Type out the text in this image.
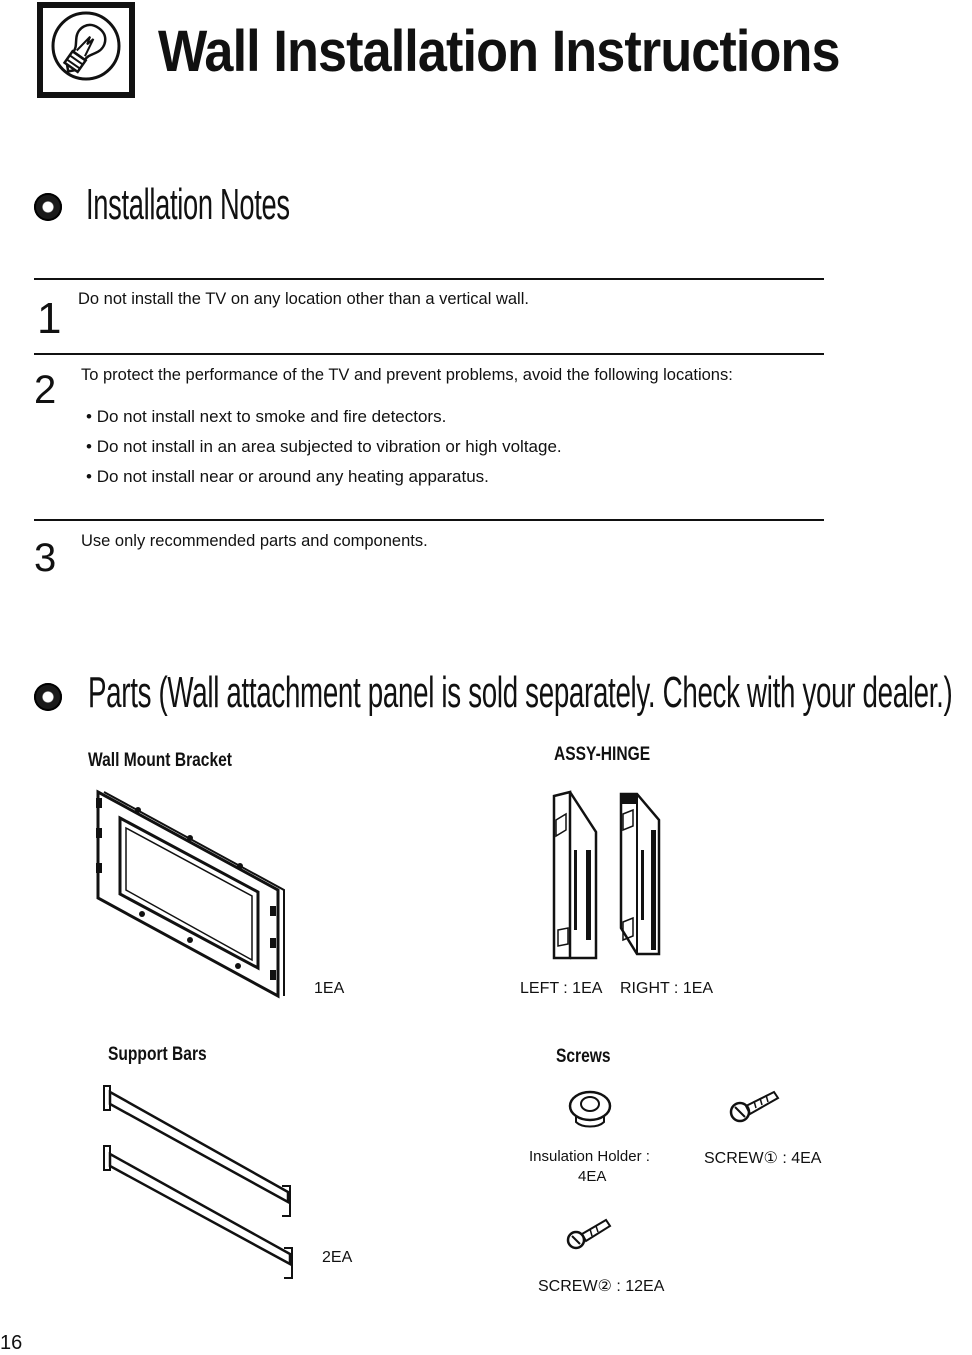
Wall Installation Instructions
Installation Notes
1 Do not install the TV on any location other than a vertical wall.
2 To protect the performance of the TV and prevent problems, avoid the following locations:
• Do not install next to smoke and fire detectors.
• Do not install in an area subjected to vibration or high voltage.
• Do not install near or around any heating apparatus.
3 Use only recommended parts and components.
Parts (Wall attachment panel is sold separately. Check with your dealer.)
Wall Mount Bracket
1EA
ASSY-HINGE
LEFT : 1EA RIGHT : 1EA
Support Bars
2EA
Screws
Insulation Holder :
4EA
SCREW① : 4EA
SCREW② : 12EA
16
